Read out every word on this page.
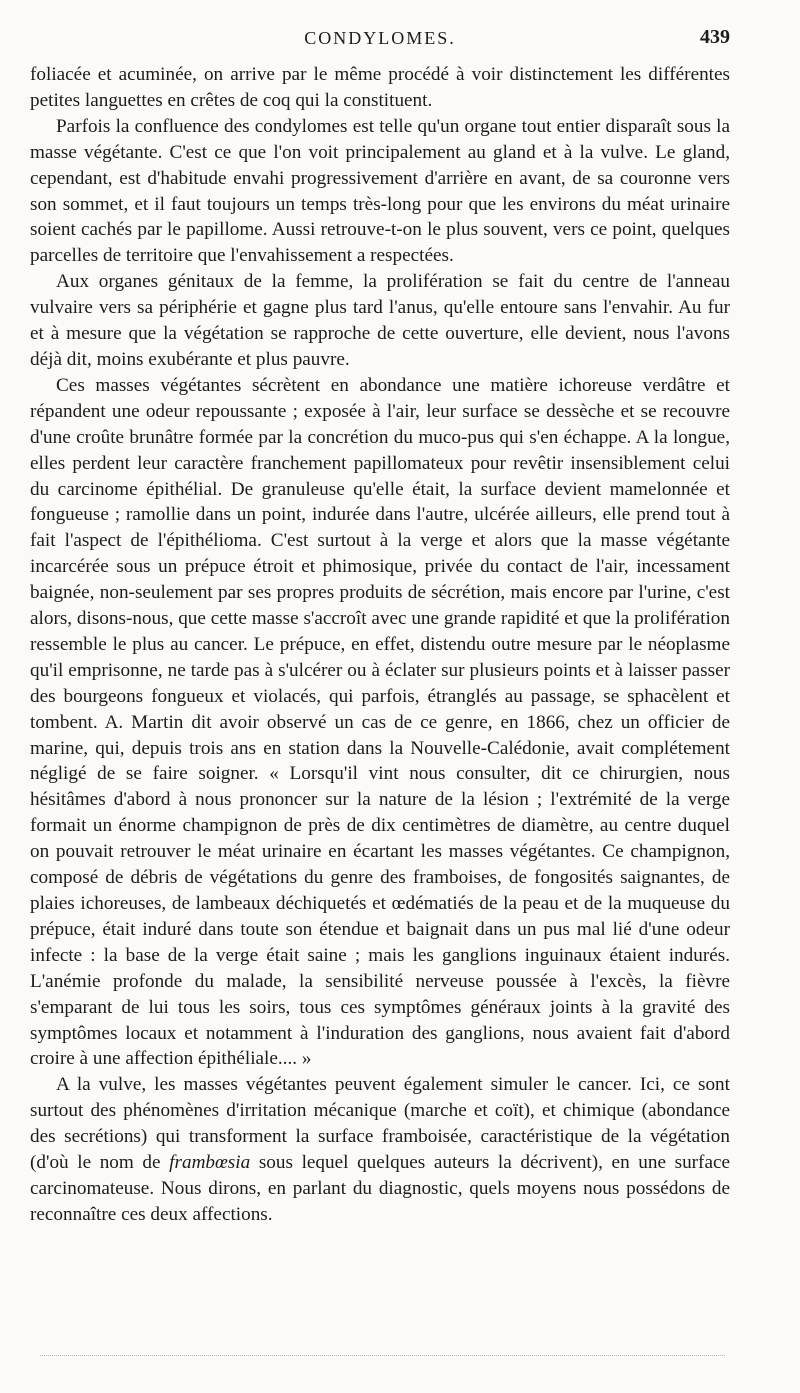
CONDYLOMES.	439

foliacée et acuminée, on arrive par le même procédé à voir distinctement les différentes petites languettes en crêtes de coq qui la constituent.

Parfois la confluence des condylomes est telle qu'un organe tout entier disparaît sous la masse végétante. C'est ce que l'on voit principalement au gland et à la vulve. Le gland, cependant, est d'habitude envahi progressivement d'arrière en avant, de sa couronne vers son sommet, et il faut toujours un temps très-long pour que les environs du méat urinaire soient cachés par le papillome. Aussi retrouve-t-on le plus souvent, vers ce point, quelques parcelles de territoire que l'envahissement a respectées.

Aux organes génitaux de la femme, la prolifération se fait du centre de l'anneau vulvaire vers sa périphérie et gagne plus tard l'anus, qu'elle entoure sans l'envahir. Au fur et à mesure que la végétation se rapproche de cette ouverture, elle devient, nous l'avons déjà dit, moins exubérante et plus pauvre.

Ces masses végétantes sécrètent en abondance une matière ichoreuse verdâtre et répandent une odeur repoussante ; exposée à l'air, leur surface se dessèche et se recouvre d'une croûte brunâtre formée par la concrétion du muco-pus qui s'en échappe. A la longue, elles perdent leur caractère franchement papillomateux pour revêtir insensiblement celui du carcinome épithélial. De granuleuse qu'elle était, la surface devient mamelonnée et fongueuse ; ramollie dans un point, indurée dans l'autre, ulcérée ailleurs, elle prend tout à fait l'aspect de l'épithélioma. C'est surtout à la verge et alors que la masse végétante incarcérée sous un prépuce étroit et phimosique, privée du contact de l'air, incessament baignée, non-seulement par ses propres produits de sécrétion, mais encore par l'urine, c'est alors, disons-nous, que cette masse s'accroît avec une grande rapidité et que la prolifération ressemble le plus au cancer. Le prépuce, en effet, distendu outre mesure par le néoplasme qu'il emprisonne, ne tarde pas à s'ulcérer ou à éclater sur plusieurs points et à laisser passer des bourgeons fongueux et violacés, qui parfois, étranglés au passage, se sphacèlent et tombent. A. Martin dit avoir observé un cas de ce genre, en 1866, chez un officier de marine, qui, depuis trois ans en station dans la Nouvelle-Calédonie, avait complétement négligé de se faire soigner. « Lorsqu'il vint nous consulter, dit ce chirurgien, nous hésitâmes d'abord à nous prononcer sur la nature de la lésion ; l'extrémité de la verge formait un énorme champignon de près de dix centimètres de diamètre, au centre duquel on pouvait retrouver le méat urinaire en écartant les masses végétantes. Ce champignon, composé de débris de végétations du genre des framboises, de fongosités saignantes, de plaies ichoreuses, de lambeaux déchiquetés et œdématiés de la peau et de la muqueuse du prépuce, était induré dans toute son étendue et baignait dans un pus mal lié d'une odeur infecte : la base de la verge était saine ; mais les ganglions inguinaux étaient indurés. L'anémie profonde du malade, la sensibilité nerveuse poussée à l'excès, la fièvre s'emparant de lui tous les soirs, tous ces symptômes généraux joints à la gravité des symptômes locaux et notamment à l'induration des ganglions, nous avaient fait d'abord croire à une affection épithéliale.... »

A la vulve, les masses végétantes peuvent également simuler le cancer. Ici, ce sont surtout des phénomènes d'irritation mécanique (marche et coït), et chimique (abondance des secrétions) qui transforment la surface framboisée, caractéristique de la végétation (d'où le nom de frambœsia sous lequel quelques auteurs la décrivent), en une surface carcinomateuse. Nous dirons, en parlant du diagnostic, quels moyens nous possédons de reconnaître ces deux affections.
